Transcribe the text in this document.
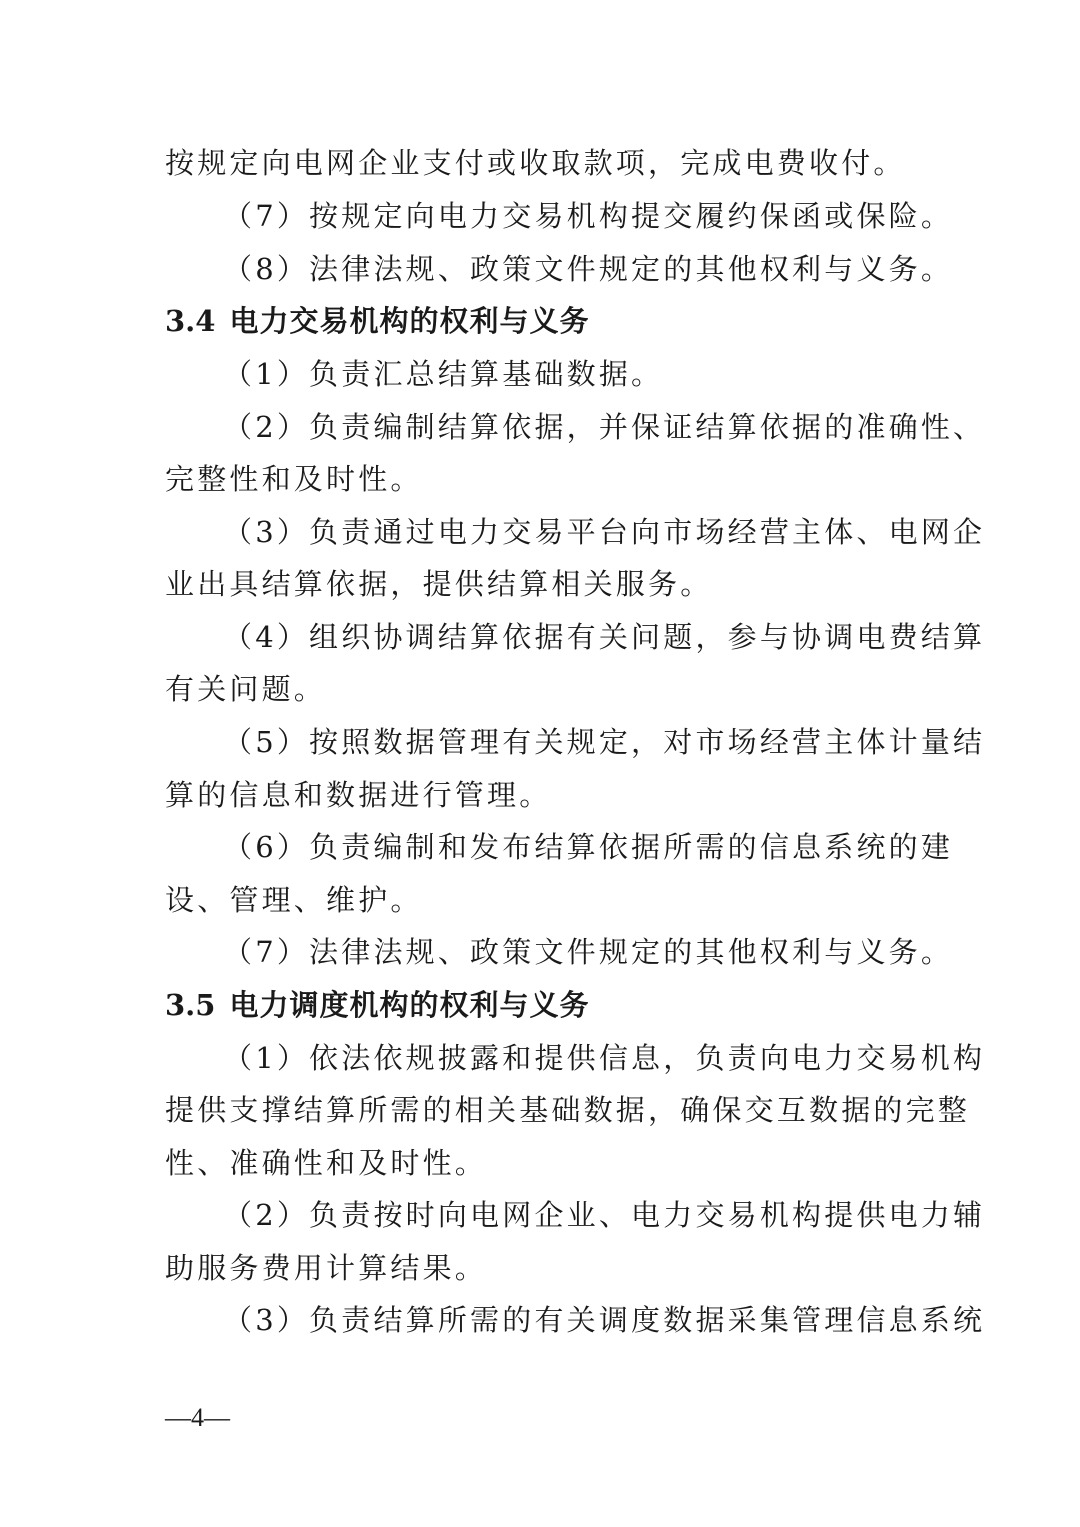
按规定向电网企业支付或收取款项，完成电费收付。
（7）按规定向电力交易机构提交履约保函或保险。
（8）法律法规、政策文件规定的其他权利与义务。
3.4 电力交易机构的权利与义务
（1）负责汇总结算基础数据。
（2）负责编制结算依据，并保证结算依据的准确性、
完整性和及时性。
（3）负责通过电力交易平台向市场经营主体、电网企
业出具结算依据，提供结算相关服务。
（4）组织协调结算依据有关问题，参与协调电费结算
有关问题。
（5）按照数据管理有关规定，对市场经营主体计量结
算的信息和数据进行管理。
（6）负责编制和发布结算依据所需的信息系统的建
设、管理、维护。
（7）法律法规、政策文件规定的其他权利与义务。
3.5 电力调度机构的权利与义务
（1）依法依规披露和提供信息，负责向电力交易机构
提供支撑结算所需的相关基础数据，确保交互数据的完整
性、准确性和及时性。
（2）负责按时向电网企业、电力交易机构提供电力辅
助服务费用计算结果。
（3）负责结算所需的有关调度数据采集管理信息系统
—4—
